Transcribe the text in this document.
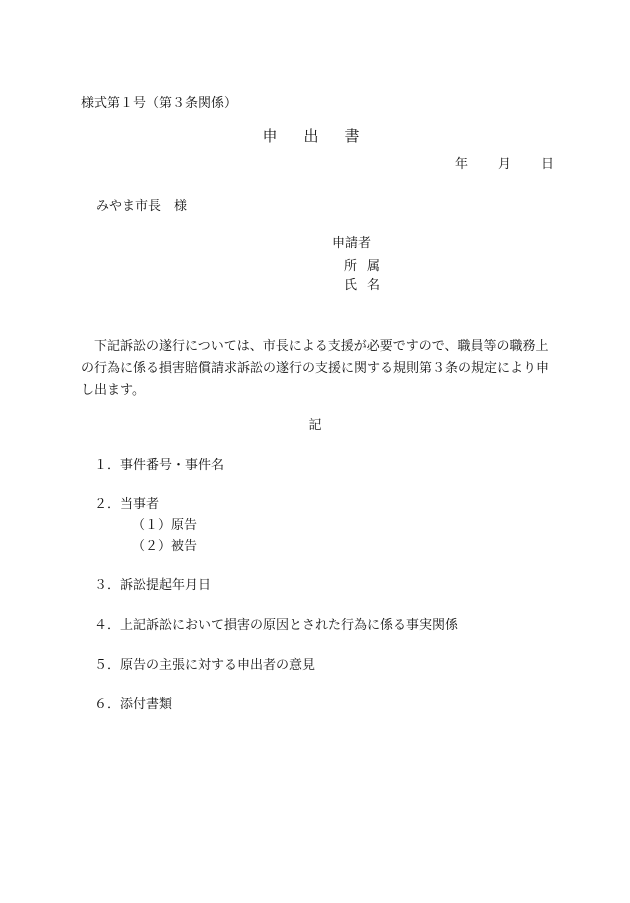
様式第１号（第３条関係）
申出書
年 月 日
みやま市長　様
申請者
所属
氏名
下記訴訟の遂行については、市長による支援が必要ですので、職員等の職務上の行為に係る損害賠償請求訴訟の遂行の支援に関する規則第３条の規定により申し出ます。
記
１．事件番号・事件名
２．当事者
（１）原告
（２）被告
３．訴訟提起年月日
４．上記訴訟において損害の原因とされた行為に係る事実関係
５．原告の主張に対する申出者の意見
６．添付書類
